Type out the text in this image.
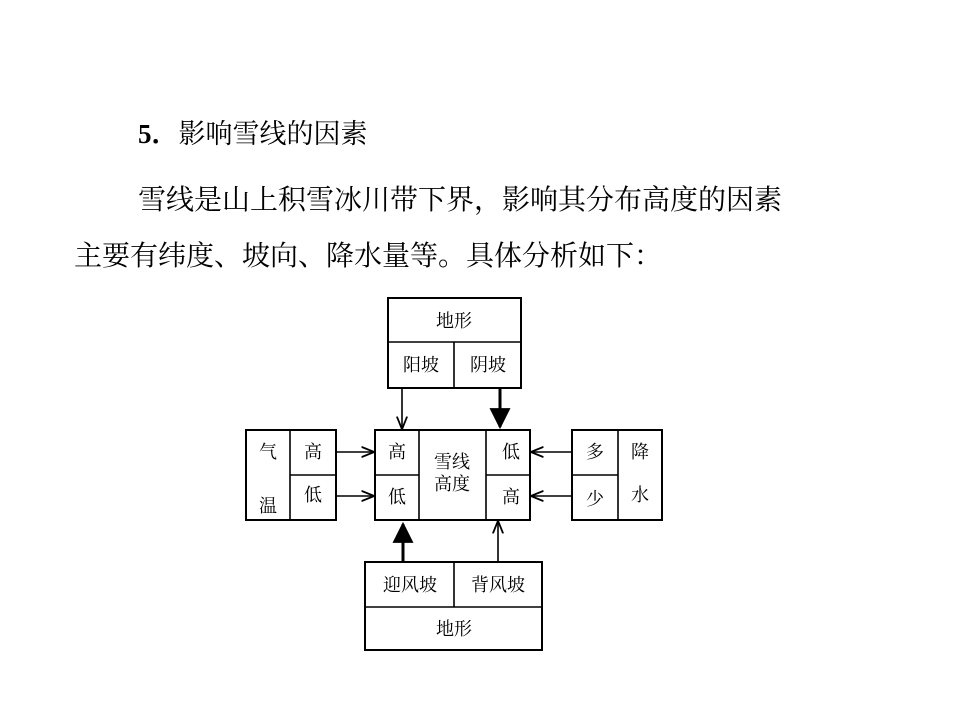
5．影响雪线的因素
雪线是山上积雪冰川带下界，影响其分布高度的因素
主要有纬度、坡向、降水量等。具体分析如下：
地形
阳坡 阴坡
高
低
雪线
高度
低
高
气
温
高
低
多
少
降
水
迎风坡 背风坡
地形
